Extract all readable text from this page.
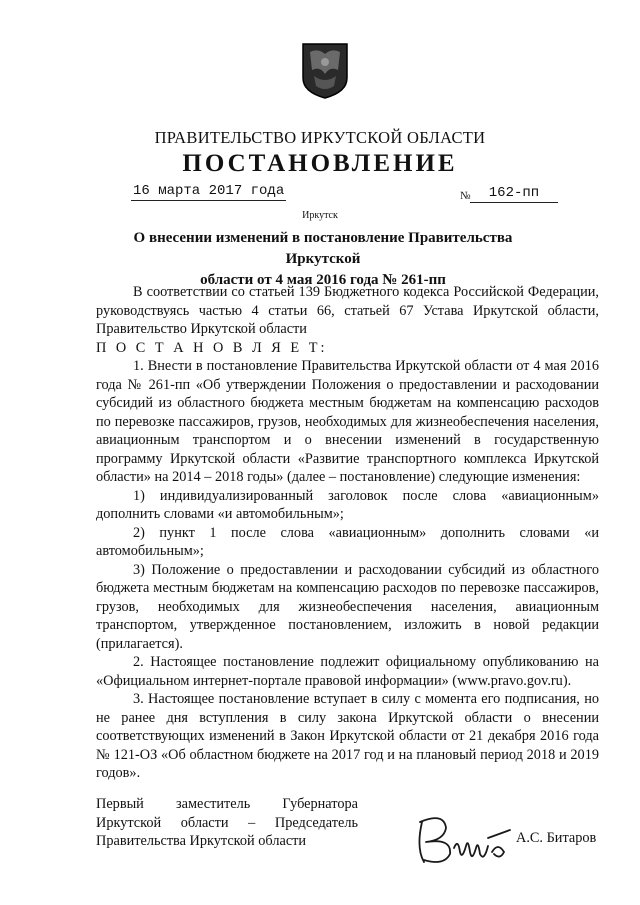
ПРАВИТЕЛЬСТВО ИРКУТСКОЙ ОБЛАСТИ
ПОСТАНОВЛЕНИЕ
16 марта 2017 года	№	162-пп
Иркутск
О внесении изменений в постановление Правительства Иркутской
области от 4 мая 2016 года № 261-пп

В соответствии со статьей 139 Бюджетного кодекса Российской Федерации, руководствуясь частью 4 статьи 66, статьей 67 Устава Иркутской области, Правительство Иркутской области

П О С Т А Н О В Л Я Е Т:

1. Внести в постановление Правительства Иркутской области от 4 мая 2016 года № 261-пп «Об утверждении Положения о предоставлении и расходовании субсидий из областного бюджета местным бюджетам на компенсацию расходов по перевозке пассажиров, грузов, необходимых для жизнеобеспечения населения, авиационным транспортом и о внесении изменений в государственную программу Иркутской области «Развитие транспортного комплекса Иркутской области» на 2014 – 2018 годы» (далее – постановление) следующие изменения:

1) индивидуализированный заголовок после слова «авиационным» дополнить словами «и автомобильным»;

2) пункт 1 после слова «авиационным» дополнить словами «и автомобильным»;

3) Положение о предоставлении и расходовании субсидий из областного бюджета местным бюджетам на компенсацию расходов по перевозке пассажиров, грузов, необходимых для жизнеобеспечения населения, авиационным транспортом, утвержденное постановлением, изложить в новой редакции (прилагается).

2. Настоящее постановление подлежит официальному опубликованию на «Официальном интернет-портале правовой информации» (www.pravo.gov.ru).

3. Настоящее постановление вступает в силу с момента его подписания, но не ранее дня вступления в силу закона Иркутской области о внесении соответствующих изменений в Закон Иркутской области от 21 декабря 2016 года № 121-ОЗ «Об областном бюджете на 2017 год и на плановый период 2018 и 2019 годов».

Первый заместитель Губернатора

Иркутской области – Председатель

Правительства Иркутской области	А.С. Битаров
